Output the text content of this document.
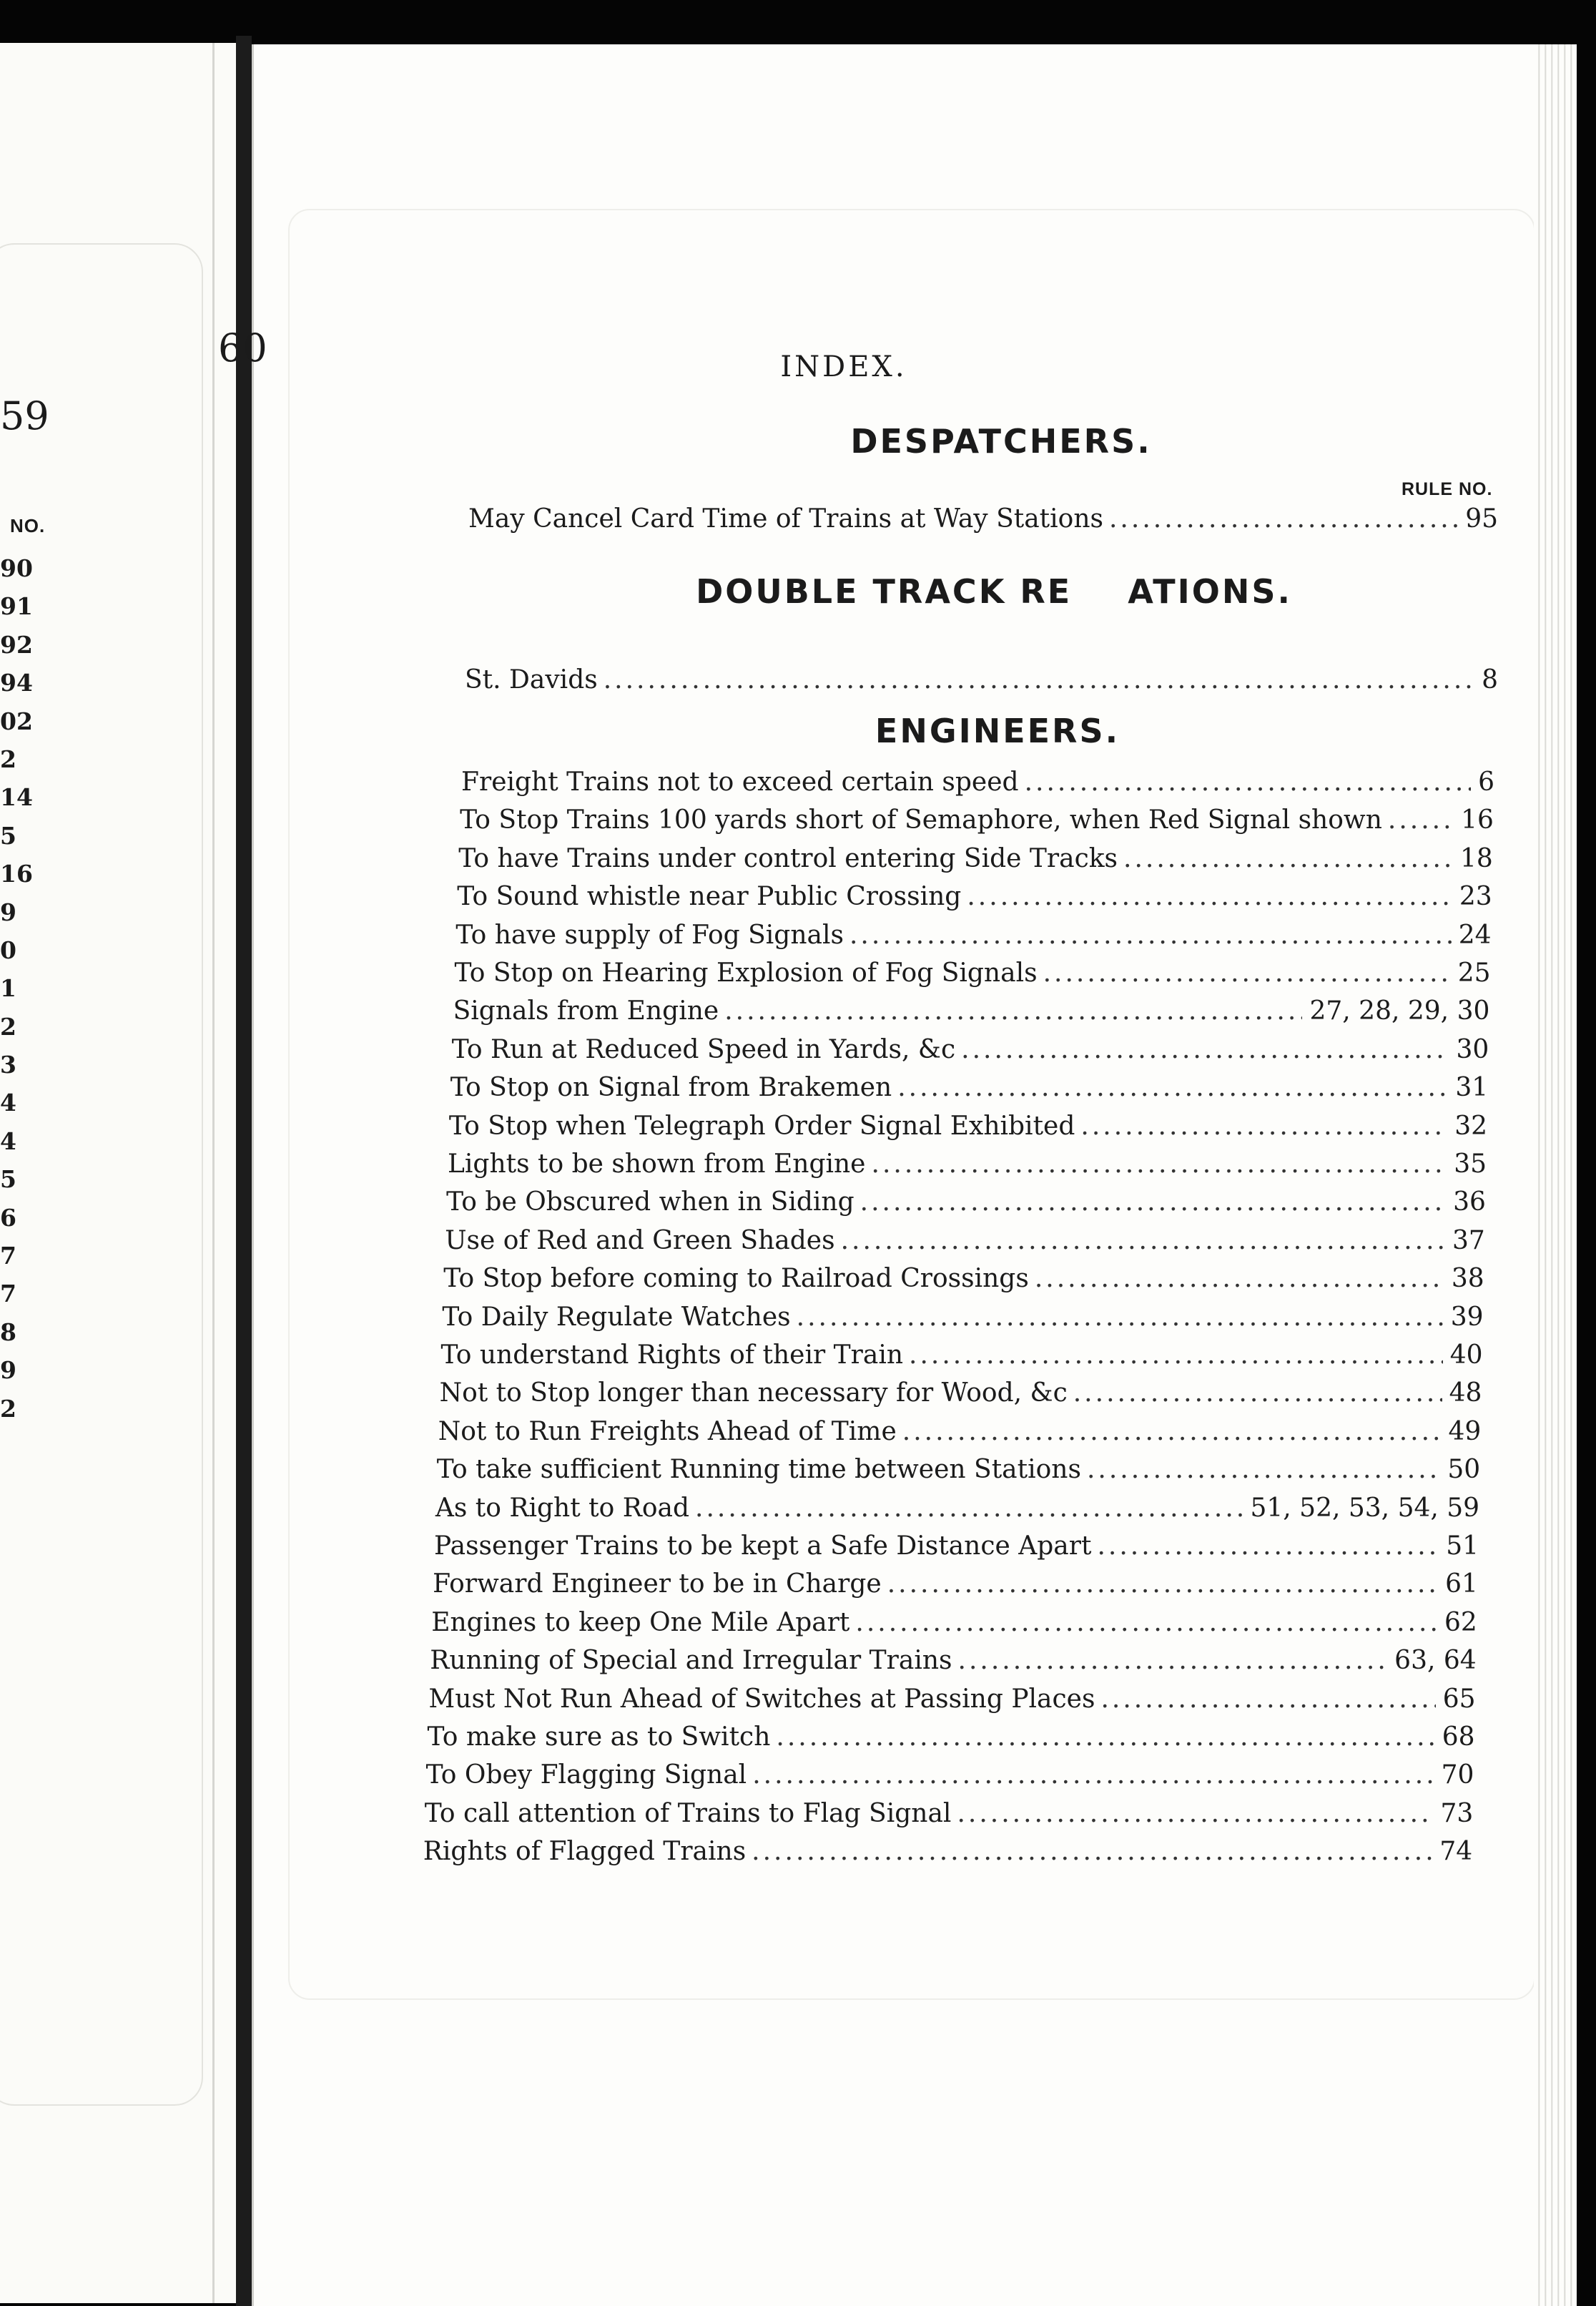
59
NO.
90
91
92
94
02
2
14
5
16
9
0
1
2
3
4
4
5
6
7
7
8
9
2
60	INDEX.
DESPATCHERS.
RULE NO.
May Cancel Card Time of Trains at Way Stations .....	95
DOUBLE TRACK RE   ATIONS.
St. Davids .....	8
ENGINEERS.
Freight Trains not to exceed certain speed .....	6
To Stop Trains 100 yards short of Semaphore, when Red Signal shown .....	16
To have Trains under control entering Side Tracks .....	18
To Sound whistle near Public Crossing .....	23
To have supply of Fog Signals .....	24
To Stop on Hearing Explosion of Fog Signals .....	25
Signals from Engine .....	27, 28, 29, 30
To Run at Reduced Speed in Yards, &c .....	30
To Stop on Signal from Brakemen .....	31
To Stop when Telegraph Order Signal Exhibited .....	32
Lights to be shown from Engine .....	35
To be Obscured when in Siding .....	36
Use of Red and Green Shades .....	37
To Stop before coming to Railroad Crossings .....	38
To Daily Regulate Watches .....	39
To understand Rights of their Train .....	40
Not to Stop longer than necessary for Wood, &c .....	48
Not to Run Freights Ahead of Time .....	49
To take sufficient Running time between Stations .....	50
As to Right to Road .....	51, 52, 53, 54, 59
Passenger Trains to be kept a Safe Distance Apart .....	51
Forward Engineer to be in Charge .....	61
Engines to keep One Mile Apart .....	62
Running of Special and Irregular Trains .....	63, 64
Must Not Run Ahead of Switches at Passing Places .....	65
To make sure as to Switch .....	68
To Obey Flagging Signal .....	70
To call attention of Trains to Flag Signal .....	73
Rights of Flagged Trains .....	74
